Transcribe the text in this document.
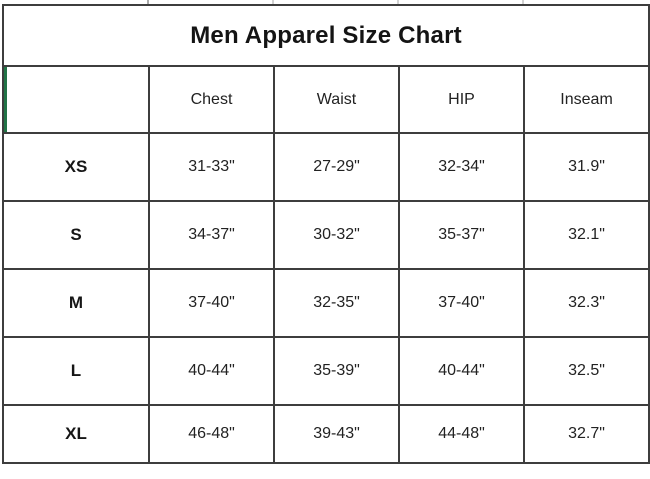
Men Apparel Size Chart				

	Chest	Waist	HIP	Inseam
XS	31-33"	27-29"	32-34"	31.9"
S	34-37"	30-32"	35-37"	32.1"
M	37-40"	32-35"	37-40"	32.3"
L	40-44"	35-39"	40-44"	32.5"
XL	46-48"	39-43"	44-48"	32.7"
